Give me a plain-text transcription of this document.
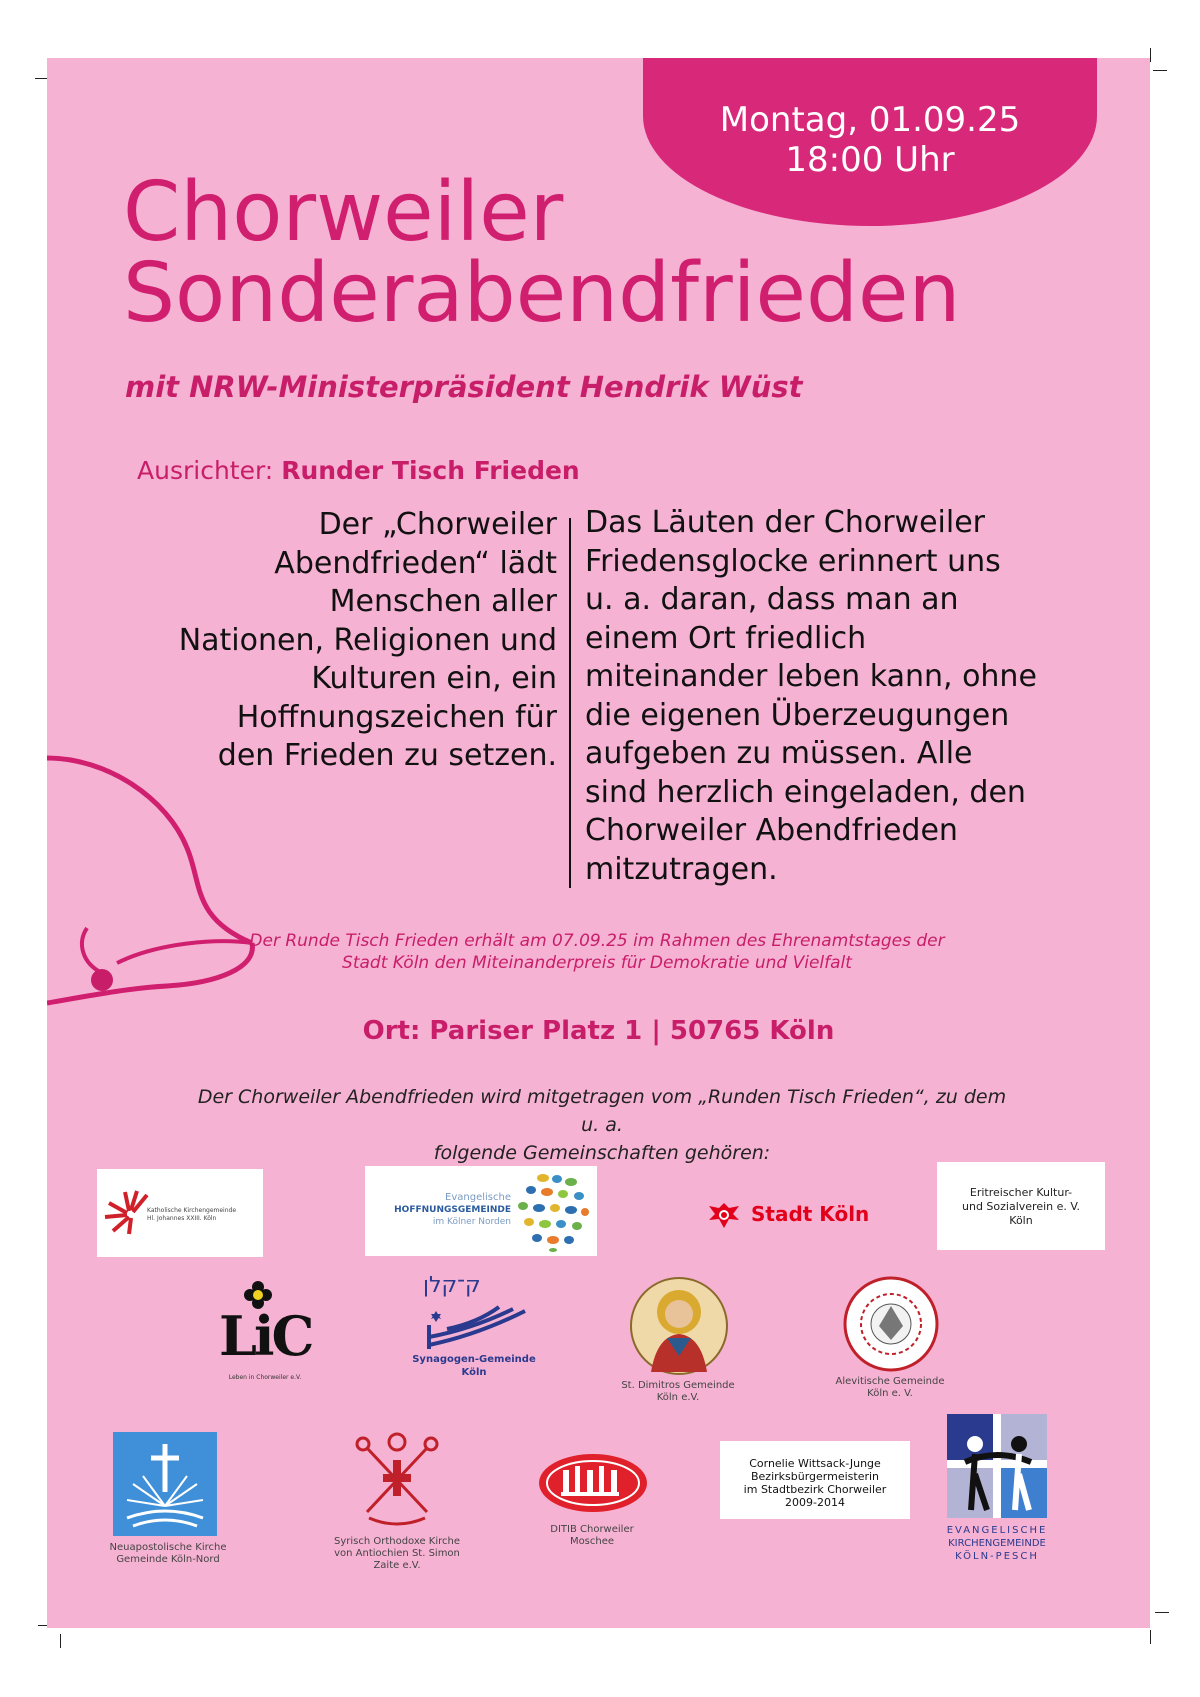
Montag, 01.09.25
18:00 Uhr
Chorweiler
Sonderabendfrieden
mit NRW-Ministerpräsident Hendrik Wüst
Ausrichter: Runder Tisch Frieden
Der „Chorweiler
Abendfrieden“ lädt
Menschen aller
Nationen, Religionen und
Kulturen ein, ein
Hoffnungszeichen für
den Frieden zu setzen.
Das Läuten der Chorweiler
Friedensglocke erinnert uns
u. a. daran, dass man an
einem Ort friedlich
miteinander leben kann, ohne
die eigenen Überzeugungen
aufgeben zu müssen. Alle
sind herzlich eingeladen, den
Chorweiler Abendfrieden
mitzutragen.
Der Runde Tisch Frieden erhält am 07.09.25 im Rahmen des Ehrenamtstages der
Stadt Köln den Miteinanderpreis für Demokratie und Vielfalt
Ort: Pariser Platz 1 | 50765 Köln
Der Chorweiler Abendfrieden wird mitgetragen vom „Runden Tisch Frieden“, zu dem u. a.
folgende Gemeinschaften gehören:
Katholische Kirchengemeinde
Hl. Johannes XXIII. Köln
Evangelische
HOFFNUNGSGEMEINDE
im Kölner Norden	Stadt Köln
Eritreischer Kultur-
und Sozialverein e. V.
Köln
LiC
Leben in Chorweiler e.V.
ק־קלן
Synagogen-Gemeinde
Köln
St. Dimitros Gemeinde
Köln e.V.
Alevitische Gemeinde
Köln e. V.
Neuapostolische Kirche
Gemeinde Köln-Nord
Syrisch Orthodoxe Kirche
von Antiochien St. Simon
Zaite e.V.
DITIB Chorweiler
Moschee
Cornelie Wittsack-Junge
Bezirksbürgermeisterin
im Stadtbezirk Chorweiler
2009-2014
EVANGELISCHE
KIRCHENGEMEINDE
KÖLN-PESCH
